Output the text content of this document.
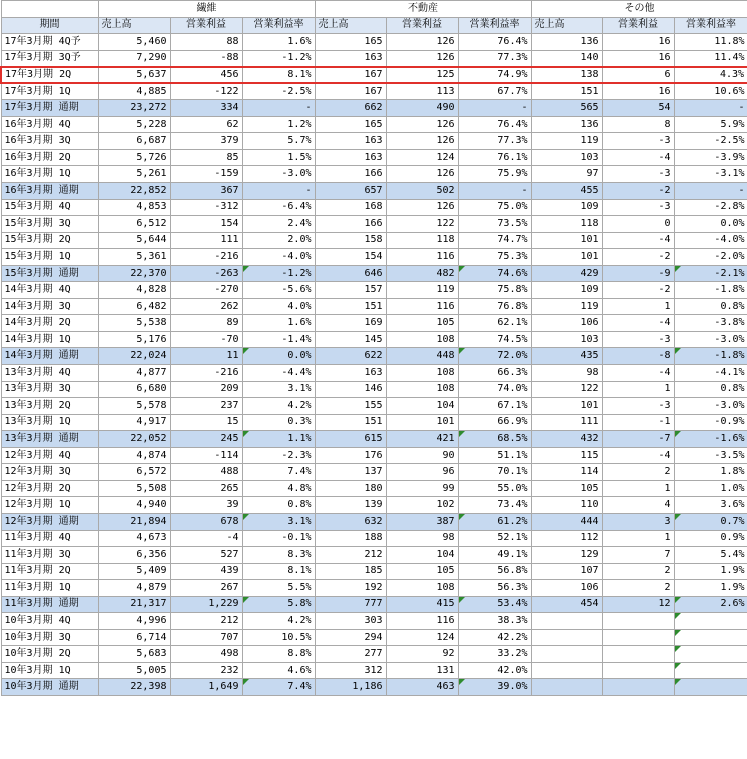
	繊維			不動産			その他		
期間	売上高	営業利益	営業利益率	売上高	営業利益	営業利益率	売上高	営業利益	営業利益率
17年3月期 4Q予	5,460	88	1.6%	165	126	76.4%	136	16	11.8%
17年3月期 3Q予	7,290	-88	-1.2%	163	126	77.3%	140	16	11.4%
17年3月期 2Q	5,637	456	8.1%	167	125	74.9%	138	6	4.3%
17年3月期 1Q	4,885	-122	-2.5%	167	113	67.7%	151	16	10.6%
17年3月期 通期	23,272	334	-	662	490	-	565	54	-
16年3月期 4Q	5,228	62	1.2%	165	126	76.4%	136	8	5.9%
16年3月期 3Q	6,687	379	5.7%	163	126	77.3%	119	-3	-2.5%
16年3月期 2Q	5,726	85	1.5%	163	124	76.1%	103	-4	-3.9%
16年3月期 1Q	5,261	-159	-3.0%	166	126	75.9%	97	-3	-3.1%
16年3月期 通期	22,852	367	-	657	502	-	455	-2	-
15年3月期 4Q	4,853	-312	-6.4%	168	126	75.0%	109	-3	-2.8%
15年3月期 3Q	6,512	154	2.4%	166	122	73.5%	118	0	0.0%
15年3月期 2Q	5,644	111	2.0%	158	118	74.7%	101	-4	-4.0%
15年3月期 1Q	5,361	-216	-4.0%	154	116	75.3%	101	-2	-2.0%
15年3月期 通期	22,370	-263	-1.2%	646	482	74.6%	429	-9	-2.1%
14年3月期 4Q	4,828	-270	-5.6%	157	119	75.8%	109	-2	-1.8%
14年3月期 3Q	6,482	262	4.0%	151	116	76.8%	119	1	0.8%
14年3月期 2Q	5,538	89	1.6%	169	105	62.1%	106	-4	-3.8%
14年3月期 1Q	5,176	-70	-1.4%	145	108	74.5%	103	-3	-3.0%
14年3月期 通期	22,024	11	0.0%	622	448	72.0%	435	-8	-1.8%
13年3月期 4Q	4,877	-216	-4.4%	163	108	66.3%	98	-4	-4.1%
13年3月期 3Q	6,680	209	3.1%	146	108	74.0%	122	1	0.8%
13年3月期 2Q	5,578	237	4.2%	155	104	67.1%	101	-3	-3.0%
13年3月期 1Q	4,917	15	0.3%	151	101	66.9%	111	-1	-0.9%
13年3月期 通期	22,052	245	1.1%	615	421	68.5%	432	-7	-1.6%
12年3月期 4Q	4,874	-114	-2.3%	176	90	51.1%	115	-4	-3.5%
12年3月期 3Q	6,572	488	7.4%	137	96	70.1%	114	2	1.8%
12年3月期 2Q	5,508	265	4.8%	180	99	55.0%	105	1	1.0%
12年3月期 1Q	4,940	39	0.8%	139	102	73.4%	110	4	3.6%
12年3月期 通期	21,894	678	3.1%	632	387	61.2%	444	3	0.7%
11年3月期 4Q	4,673	-4	-0.1%	188	98	52.1%	112	1	0.9%
11年3月期 3Q	6,356	527	8.3%	212	104	49.1%	129	7	5.4%
11年3月期 2Q	5,409	439	8.1%	185	105	56.8%	107	2	1.9%
11年3月期 1Q	4,879	267	5.5%	192	108	56.3%	106	2	1.9%
11年3月期 通期	21,317	1,229	5.8%	777	415	53.4%	454	12	2.6%
10年3月期 4Q	4,996	212	4.2%	303	116	38.3%			
10年3月期 3Q	6,714	707	10.5%	294	124	42.2%			
10年3月期 2Q	5,683	498	8.8%	277	92	33.2%			
10年3月期 1Q	5,005	232	4.6%	312	131	42.0%			
10年3月期 通期	22,398	1,649	7.4%	1,186	463	39.0%			
